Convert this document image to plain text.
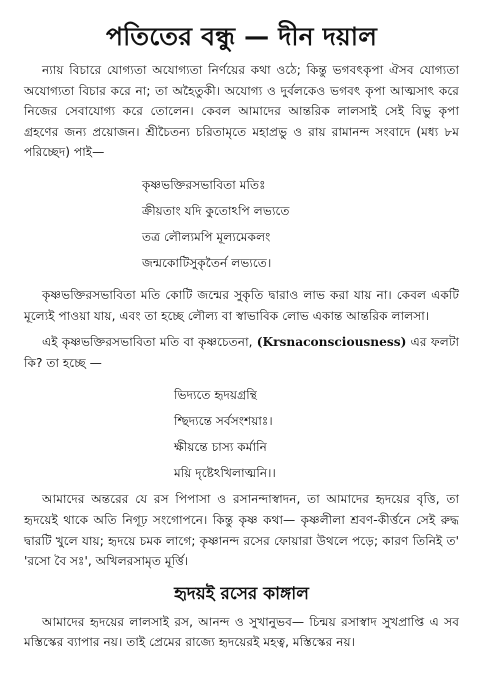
পতিতের বন্ধু — দীন দয়াল

ন্যায় বিচারে যোগ্যতা অযোগ্যতা নির্ণয়ের কথা ওঠে; কিন্তু ভগবৎকৃপা ঐসব যোগ্যতা অযোগ্যতা বিচার করে না; তা অহৈতুকী। অযোগ্য ও দুর্বলকেও ভগবৎ কৃপা আত্মসাৎ করে নিজের সেবাযোগ্য করে তোলেন। কেবল আমাদের আন্তরিক লালসাই সেই বিভু কৃপা গ্রহণের জন্য প্রয়োজন। শ্রীচৈতন্য চরিতামৃতে মহাপ্রভু ও রায় রামানন্দ সংবাদে (মধ্য ৮ম পরিচ্ছেদ) পাই—

কৃষ্ণভক্তিরসভাবিতা মতিঃ
ক্রীয়তাং যদি কুতোঽপি লভ্যতে
তত্র লৌল্যমপি মূল্যমেকলং
জন্মকোটিসুকৃতৈর্ন লভ্যতে।

কৃষ্ণভক্তিরসভাবিতা মতি কোটি জন্মের সুকৃতি দ্বারাও লাভ করা যায় না। কেবল একটি মূল্যেই পাওয়া যায়, এবং তা হচ্ছে লৌল্য বা স্বাভাবিক লোভ একান্ত আন্তরিক লালসা।

এই কৃষ্ণভক্তিরসভাবিতা মতি বা কৃষ্ণচেতনা, (Krsnaconsciousness) এর ফলটা কি? তা হচ্ছে —

ভিদ্যতে হৃদয়গ্রন্থি
শ্ছিদ্যন্তে সর্বসংশয়াঃ।
ক্ষীয়ন্তে চাস্য কর্মানি
ময়ি দৃষ্টেঽখিলাত্মনি।।

আমাদের অন্তরের যে রস পিপাসা ও রসানন্দাস্বাদন, তা আমাদের হৃদয়ের বৃত্তি, তা হৃদয়েই থাকে অতি নিগূঢ় সংগোপনে। কিন্তু কৃষ্ণ কথা— কৃষ্ণলীলা শ্রবণ-কীর্ত্তনে সেই রুদ্ধ দ্বারটি খুলে যায়; হৃদয়ে চমক লাগে; কৃষ্ণানন্দ রসের ফোয়ারা উথলে পড়ে; কারণ তিনিই ত' 'রসো বৈ সঃ', অখিলরসামৃত মূর্ত্তি।

হৃদয়ই রসের কাঙ্গাল

আমাদের হৃদয়ের লালসাই রস, আনন্দ ও সুখানুভব— চিন্ময় রসাস্বাদ সুখপ্রাপ্তি এ সব মস্তিস্কের ব্যাপার নয়। তাই প্রেমের রাজ্যে হৃদয়েরই মহত্ব, মস্তিস্কের নয়।
